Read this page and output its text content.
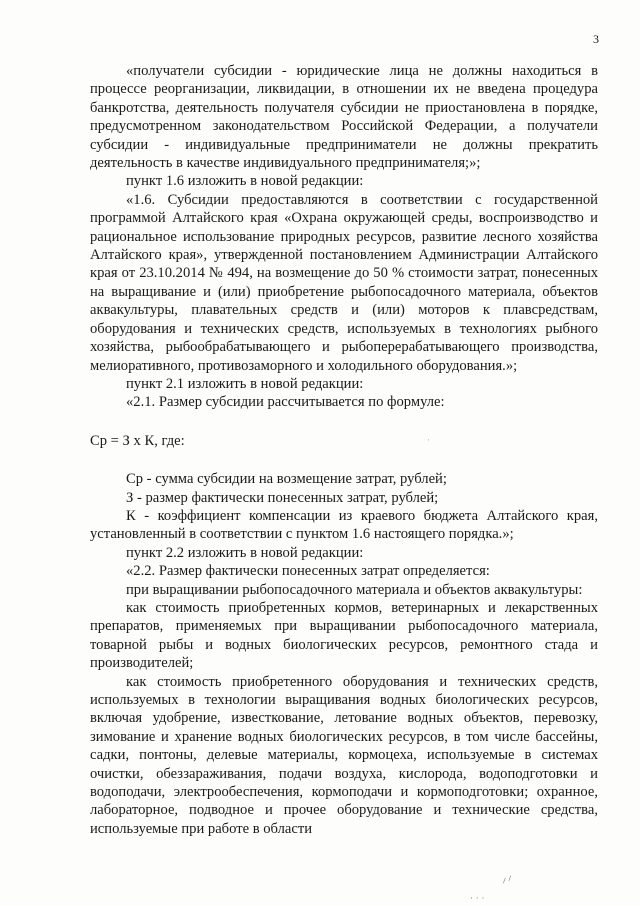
3

«получатели субсидии - юридические лица не должны находиться в процессе реорганизации, ликвидации, в отношении их не введена процедура банкротства, деятельность получателя субсидии не приостановлена в порядке, предусмотренном законодательством Российской Федерации, а получатели субсидии - индивидуальные предприниматели не должны прекратить деятельность в качестве индивидуального предпринимателя;»;

пункт 1.6 изложить в новой редакции:

«1.6. Субсидии предоставляются в соответствии с государственной программой Алтайского края «Охрана окружающей среды, воспроизводство и рациональное использование природных ресурсов, развитие лесного хозяйства Алтайского края», утвержденной постановлением Администрации Алтайского края от 23.10.2014 № 494, на возмещение до 50 % стоимости затрат, понесенных на выращивание и (или) приобретение рыбопосадочного материала, объектов аквакультуры, плавательных средств и (или) моторов к плавсредствам, оборудования и технических средств, используемых в технологиях рыбного хозяйства, рыбообрабатывающего и рыбоперерабатывающего производства, мелиоративного, противозаморного и холодильного оборудования.»;

пункт 2.1 изложить в новой редакции:

«2.1. Размер субсидии рассчитывается по формуле:

Cр = З х К, где:

Cр - сумма субсидии на возмещение затрат, рублей;

З - размер фактически понесенных затрат, рублей;

К - коэффициент компенсации из краевого бюджета Алтайского края, установленный в соответствии с пунктом 1.6 настоящего порядка.»;

пункт 2.2 изложить в новой редакции:

«2.2. Размер фактически понесенных затрат определяется:

при выращивании рыбопосадочного материала и объектов аквакультуры:

как стоимость приобретенных кормов, ветеринарных и лекарственных препаратов, применяемых при выращивании рыбопосадочного материала, товарной рыбы и водных биологических ресурсов, ремонтного стада и производителей;

как стоимость приобретенного оборудования и технических средств, используемых в технологии выращивания водных биологических ресурсов, включая удобрение, известкование, летование водных объектов, перевозку, зимование и хранение водных биологических ресурсов, в том числе бассейны, садки, понтоны, делевые материалы, кормоцеха, используемые в системах очистки, обеззараживания, подачи воздуха, кислорода, водоподготовки и водоподачи, электрообеспечения, кормоподачи и кормоподготовки; охранное, лабораторное, подводное и прочее оборудование и технические средства, используемые при работе в области

·
⸝⸝
· · ·
